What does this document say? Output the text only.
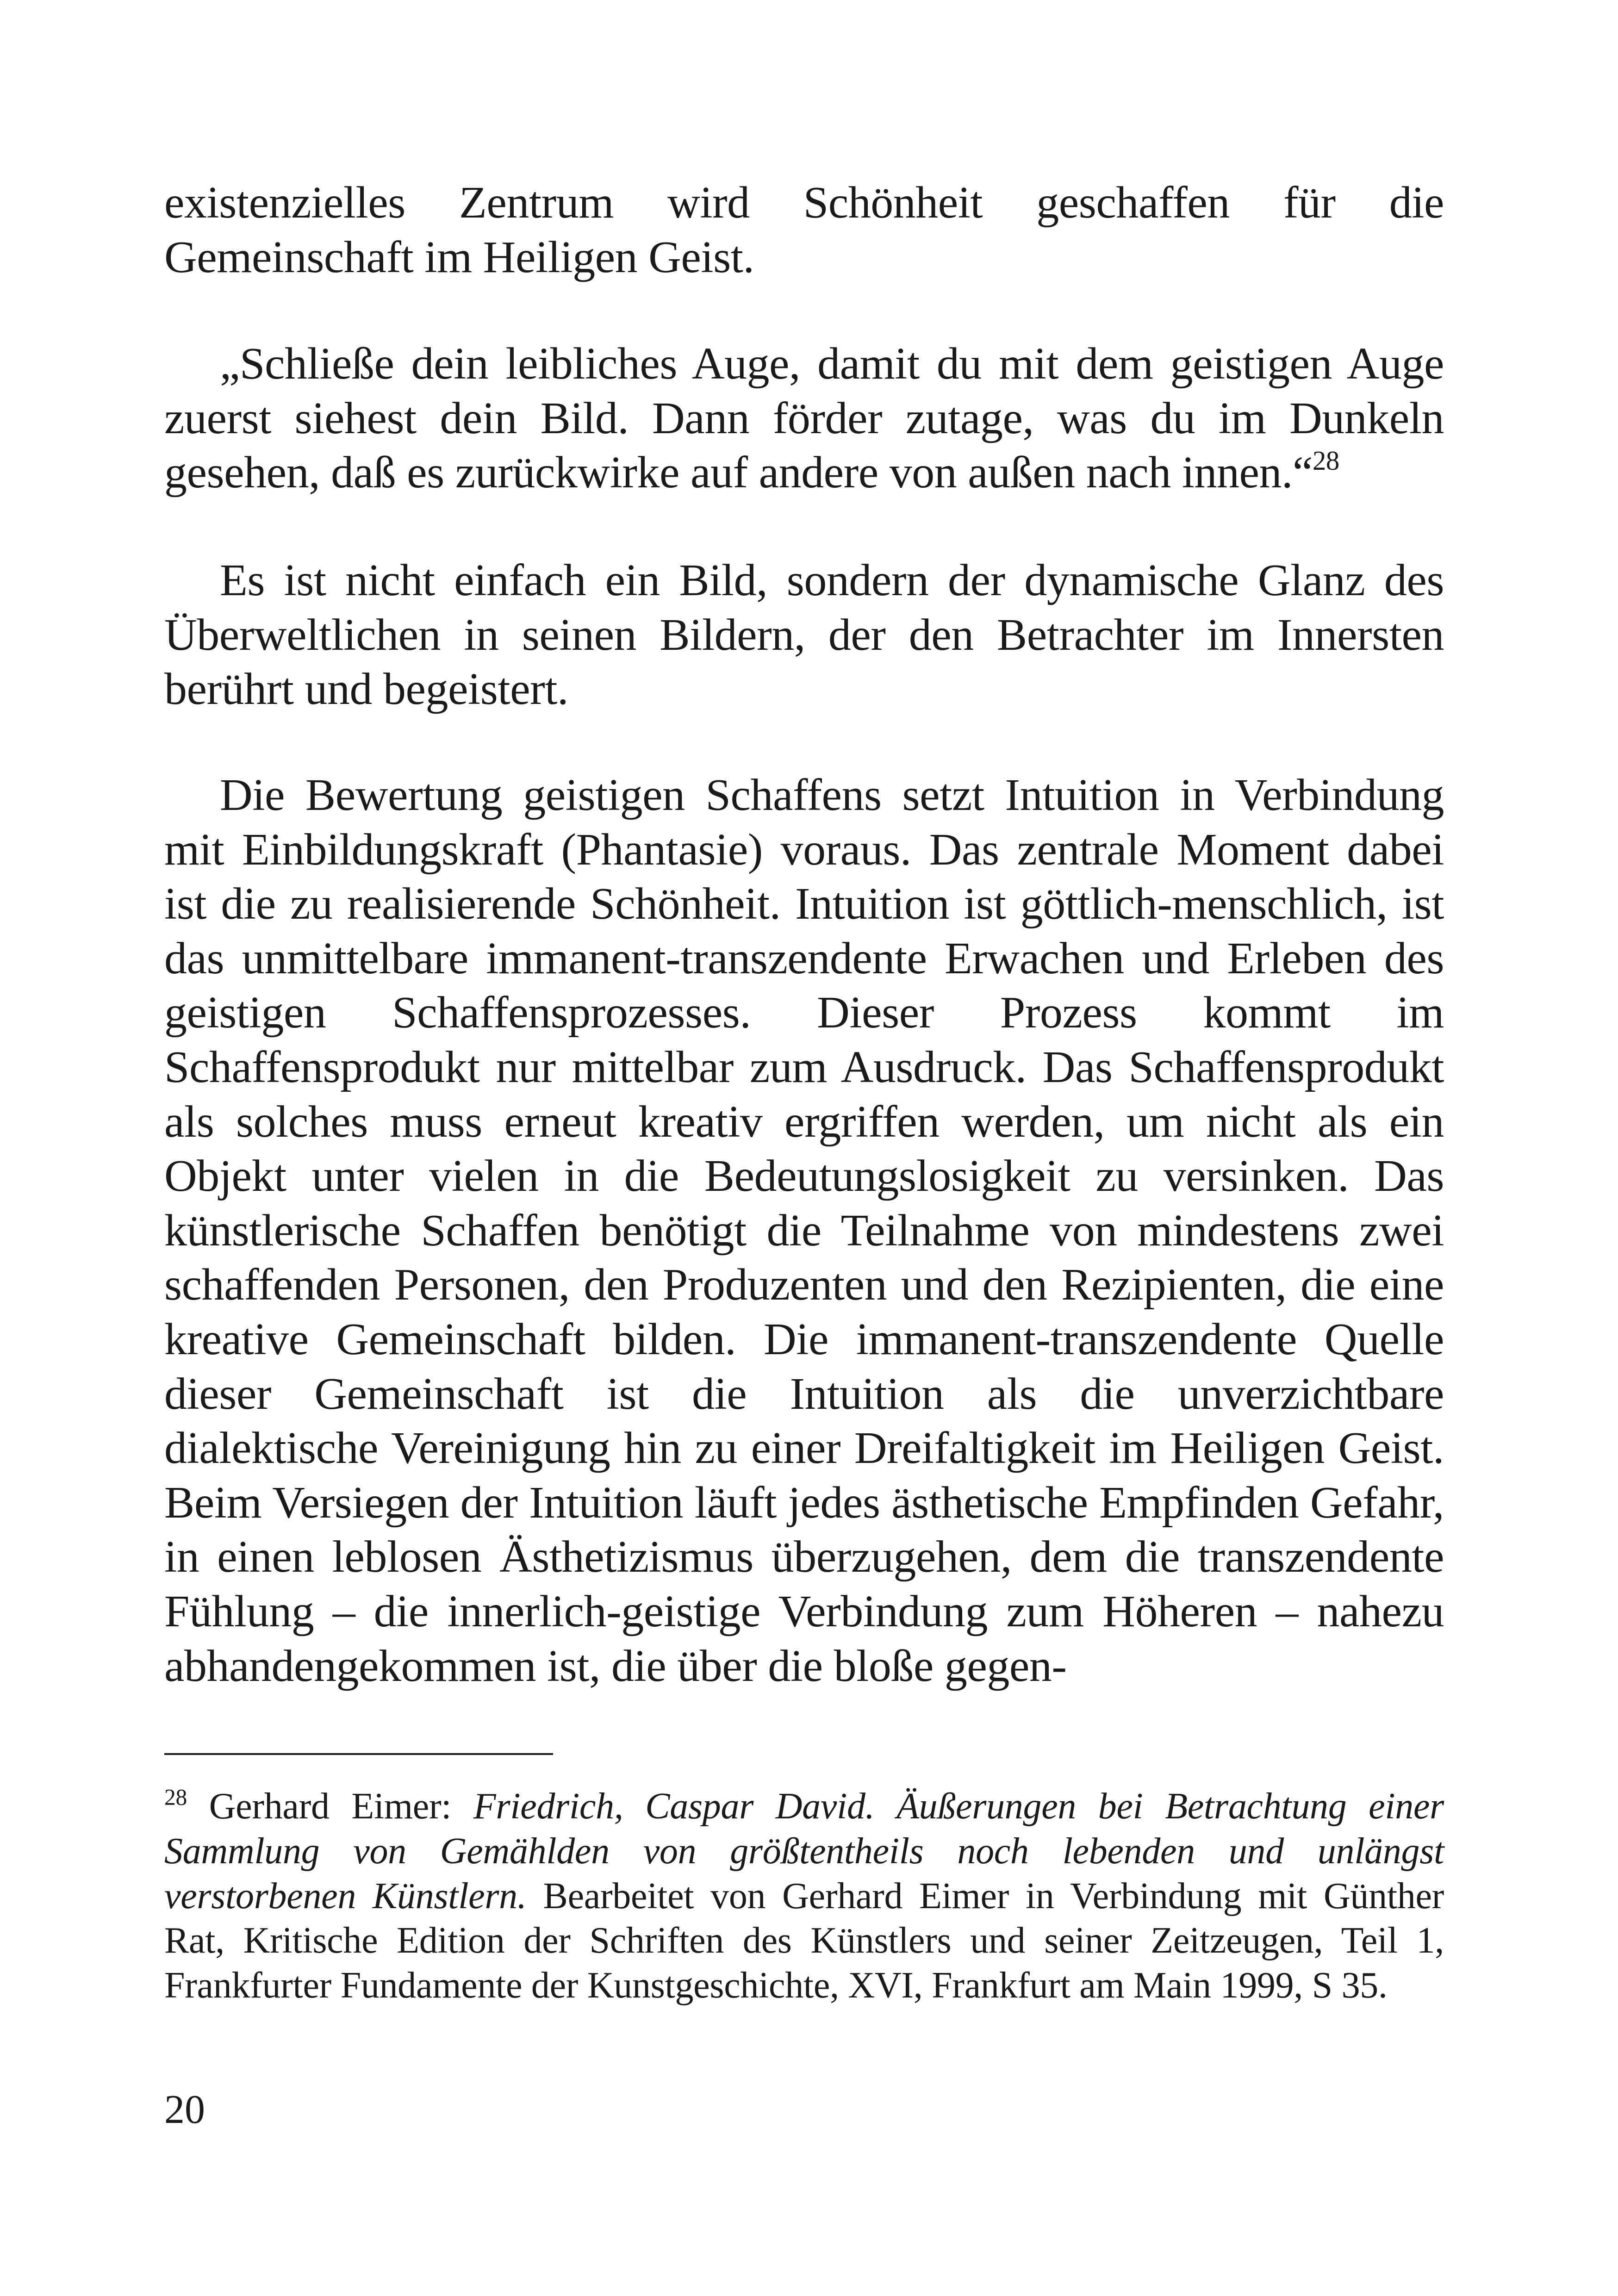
existenzielles Zentrum wird Schönheit geschaffen für die Gemeinschaft im Heiligen Geist.

„Schließe dein leibliches Auge, damit du mit dem geistigen Auge zuerst siehest dein Bild. Dann förder zutage, was du im Dunkeln gesehen, daß es zurückwirke auf andere von außen nach innen.“$^{28}$

Es ist nicht einfach ein Bild, sondern der dynamische Glanz des Überweltlichen in seinen Bildern, der den Betrachter im Innersten berührt und begeistert.

Die Bewertung geistigen Schaffens setzt Intuition in Verbindung mit Einbildungskraft (Phantasie) voraus. Das zentrale Moment dabei ist die zu realisierende Schönheit. Intuition ist göttlich-menschlich, ist das unmittelbare immanent-transzendente Erwachen und Erleben des geistigen Schaffensprozesses. Dieser Prozess kommt im Schaffensprodukt nur mittelbar zum Ausdruck. Das Schaffensprodukt als solches muss erneut kreativ ergriffen werden, um nicht als ein Objekt unter vielen in die Bedeutungslosigkeit zu versinken. Das künstlerische Schaffen benötigt die Teilnahme von mindestens zwei schaffenden Personen, den Produzenten und den Rezipienten, die eine kreative Gemeinschaft bilden. Die immanent-transzendente Quelle dieser Gemeinschaft ist die Intuition als die unverzichtbare dialektische Vereinigung hin zu einer Dreifaltigkeit im Heiligen Geist. Beim Versiegen der Intuition läuft jedes ästhetische Empfinden Gefahr, in einen leblosen Ästhetizismus überzugehen, dem die transzendente Fühlung – die innerlich-geistige Verbindung zum Höheren – nahezu abhandengekommen ist, die über die bloße gegen-

$^{28}$ Gerhard Eimer: Friedrich, Caspar David. Äußerungen bei Betrachtung einer Sammlung von Gemählden von größtentheils noch lebenden und unlängst verstorbenen Künstlern. Bearbeitet von Gerhard Eimer in Verbindung mit Günther Rat, Kritische Edition der Schriften des Künstlers und seiner Zeitzeugen, Teil 1, Frankfurter Fundamente der Kunstgeschichte, XVI, Frankfurt am Main 1999, S 35.

20
